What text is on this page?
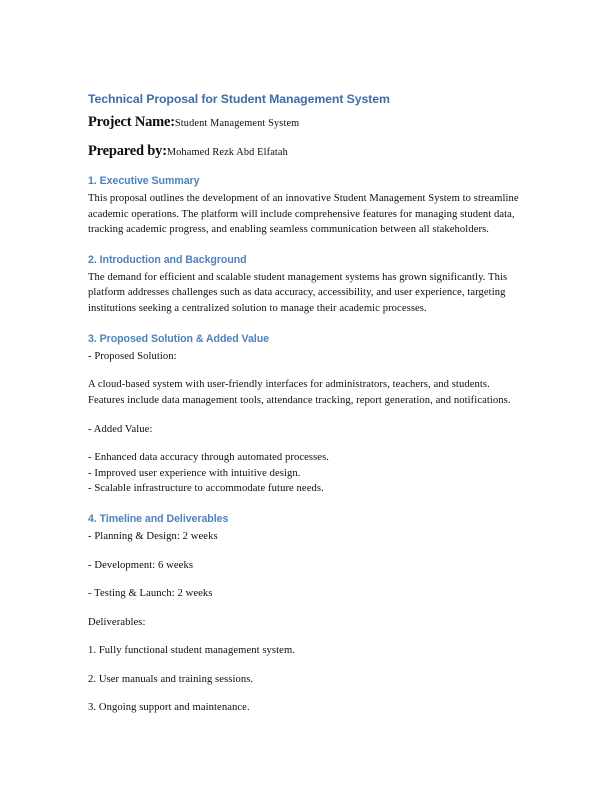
Technical Proposal for Student Management System

Project Name:Student Management System

Prepared by:Mohamed Rezk Abd Elfatah

1. Executive Summary

This proposal outlines the development of an innovative Student Management System to streamline academic operations. The platform will include comprehensive features for managing student data, tracking academic progress, and enabling seamless communication between all stakeholders.

2. Introduction and Background

The demand for efficient and scalable student management systems has grown significantly. This platform addresses challenges such as data accuracy, accessibility, and user experience, targeting institutions seeking a centralized solution to manage their academic processes.

3. Proposed Solution & Added Value

- Proposed Solution:

A cloud-based system with user-friendly interfaces for administrators, teachers, and students. Features include data management tools, attendance tracking, report generation, and notifications.

- Added Value:

- Enhanced data accuracy through automated processes.

- Improved user experience with intuitive design.

- Scalable infrastructure to accommodate future needs.

4. Timeline and Deliverables

- Planning & Design: 2 weeks

- Development: 6 weeks

- Testing & Launch: 2 weeks

Deliverables:

1. Fully functional student management system.

2. User manuals and training sessions.

3. Ongoing support and maintenance.
